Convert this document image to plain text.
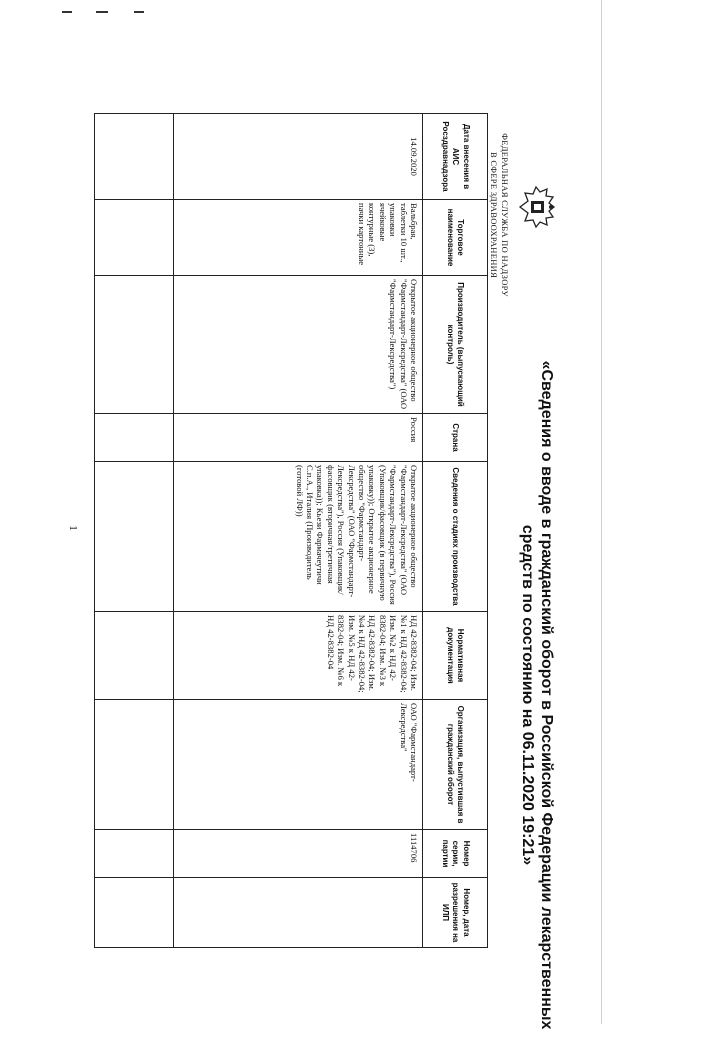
ФЕДЕРАЛЬНАЯ СЛУЖБА ПО НАДЗОРУ
В СФЕРЕ ЗДРАВООХРАНЕНИЯ
«Сведения о вводе в гражданский оборот в Российской Федерации лекарственных средств по состоянию на 06.11.2020 19:21»
Дата внесения в АИС Росздравнадзора	Торговое наименование	Производитель (выпускающий контроль)	Страна	Сведения о стадиях производства	Нормативная документация	Организация, выпустившая в гражданский оборот	Номер серии, партии	Номер, дата разрешения на ИЛП
14.09.2020	Вальбрая, таблетки 10 шт., упаковки ячейковые контурные (3), пачки картонные	Открытое акционерное общество "Фармстандарт-Лексредства" (ОАО "Фармстандарт-Лексредства")	Россия	Открытое акционерное общество "Фармстандарт-Лексредства" (ОАО "Фармстандарт-Лексредства"), Россия (Упаковщик/фасовщик (в первичную упаковку)); Открытое акционерное общество "Фармстандарт-Лексредства" (ОАО "Фармстандарт-Лексредства"), Россия (Упаковщик/фасовщик (вторичная/третичная упаковка)); Кьези Фармачеутичи С.п.А., Италия (Производитель (готовой ЛФ))	НД 42-8382-04; Изм. №1 к НД 42-8382-04; Изм. №2 к НД 42-8382-04; Изм. №3 к НД 42-8382-04; Изм. №4 к НД 42-8382-04; Изм. №5 к НД 42-8382-04; Изм. №6 к НД 42-8382-04	ОАО "Фармстандарт-Лексредства"	1114706	

1
